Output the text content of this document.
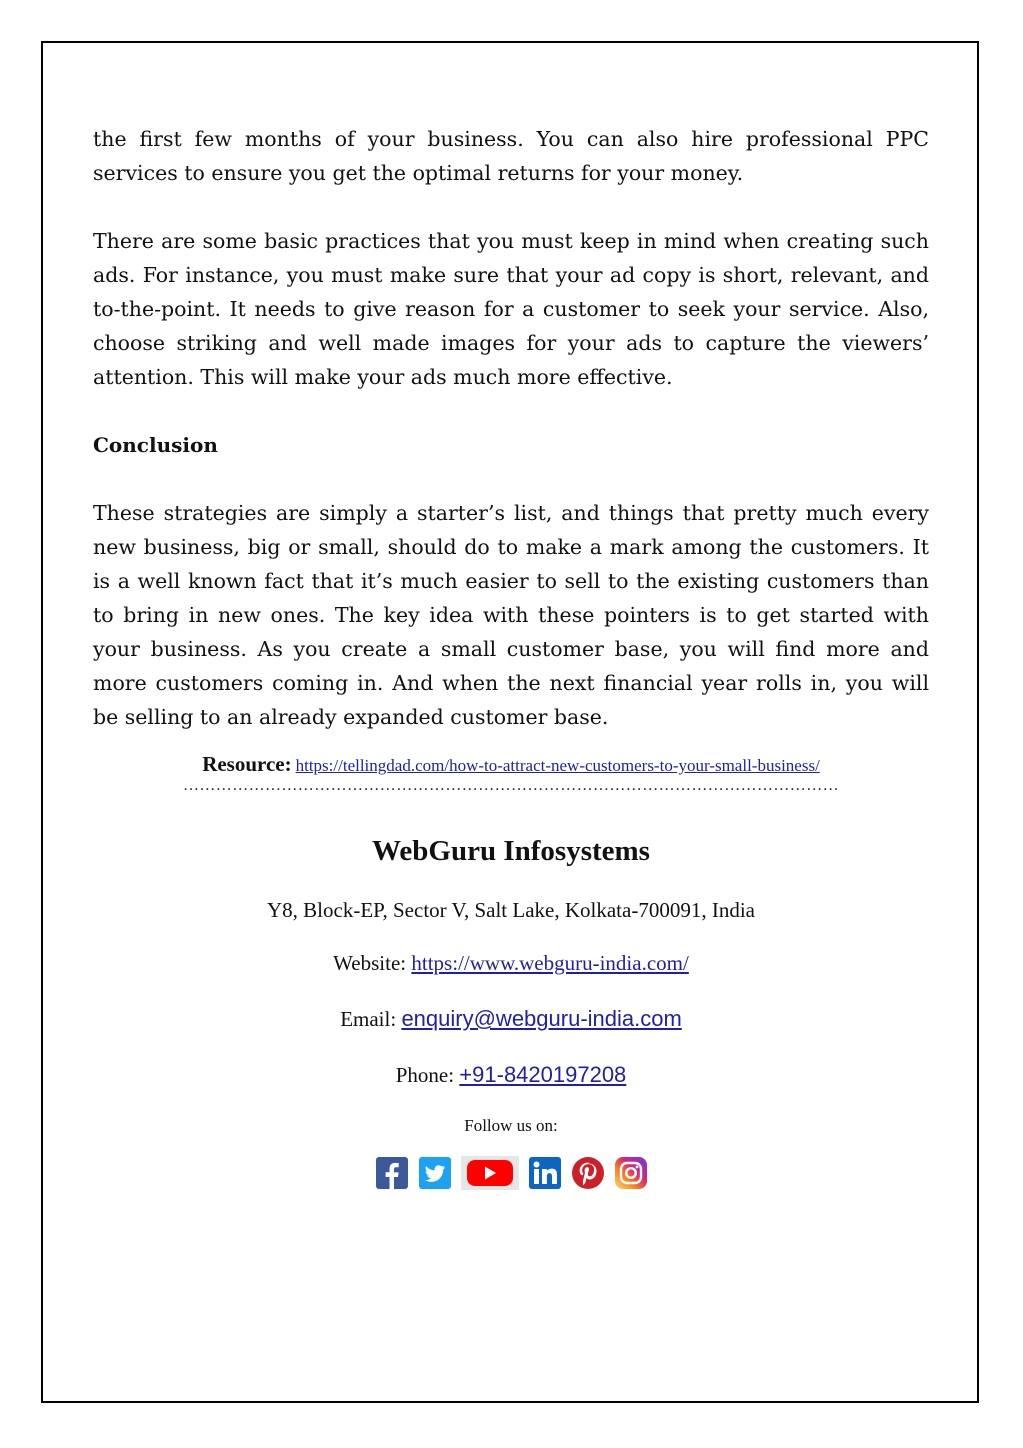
the first few months of your business. You can also hire professional PPC services to ensure you get the optimal returns for your money.

There are some basic practices that you must keep in mind when creating such ads. For instance, you must make sure that your ad copy is short, relevant, and to-the-point. It needs to give reason for a customer to seek your service. Also, choose striking and well made images for your ads to capture the viewers’ attention. This will make your ads much more effective.

Conclusion

These strategies are simply a starter’s list, and things that pretty much every new business, big or small, should do to make a mark among the customers. It is a well known fact that it’s much easier to sell to the existing customers than to bring in new ones. The key idea with these pointers is to get started with your business. As you create a small customer base, you will find more and more customers coming in. And when the next financial year rolls in, you will be selling to an already expanded customer base.

Resource: https://tellingdad.com/how-to-attract-new-customers-to-your-small-business/
…………………………………………………………………………………………………………
WebGuru Infosystems
Y8, Block-EP, Sector V, Salt Lake, Kolkata-700091, India
Website: https://www.webguru-india.com/
Email: enquiry@webguru-india.com
Phone: +91-8420197208
Follow us on:
